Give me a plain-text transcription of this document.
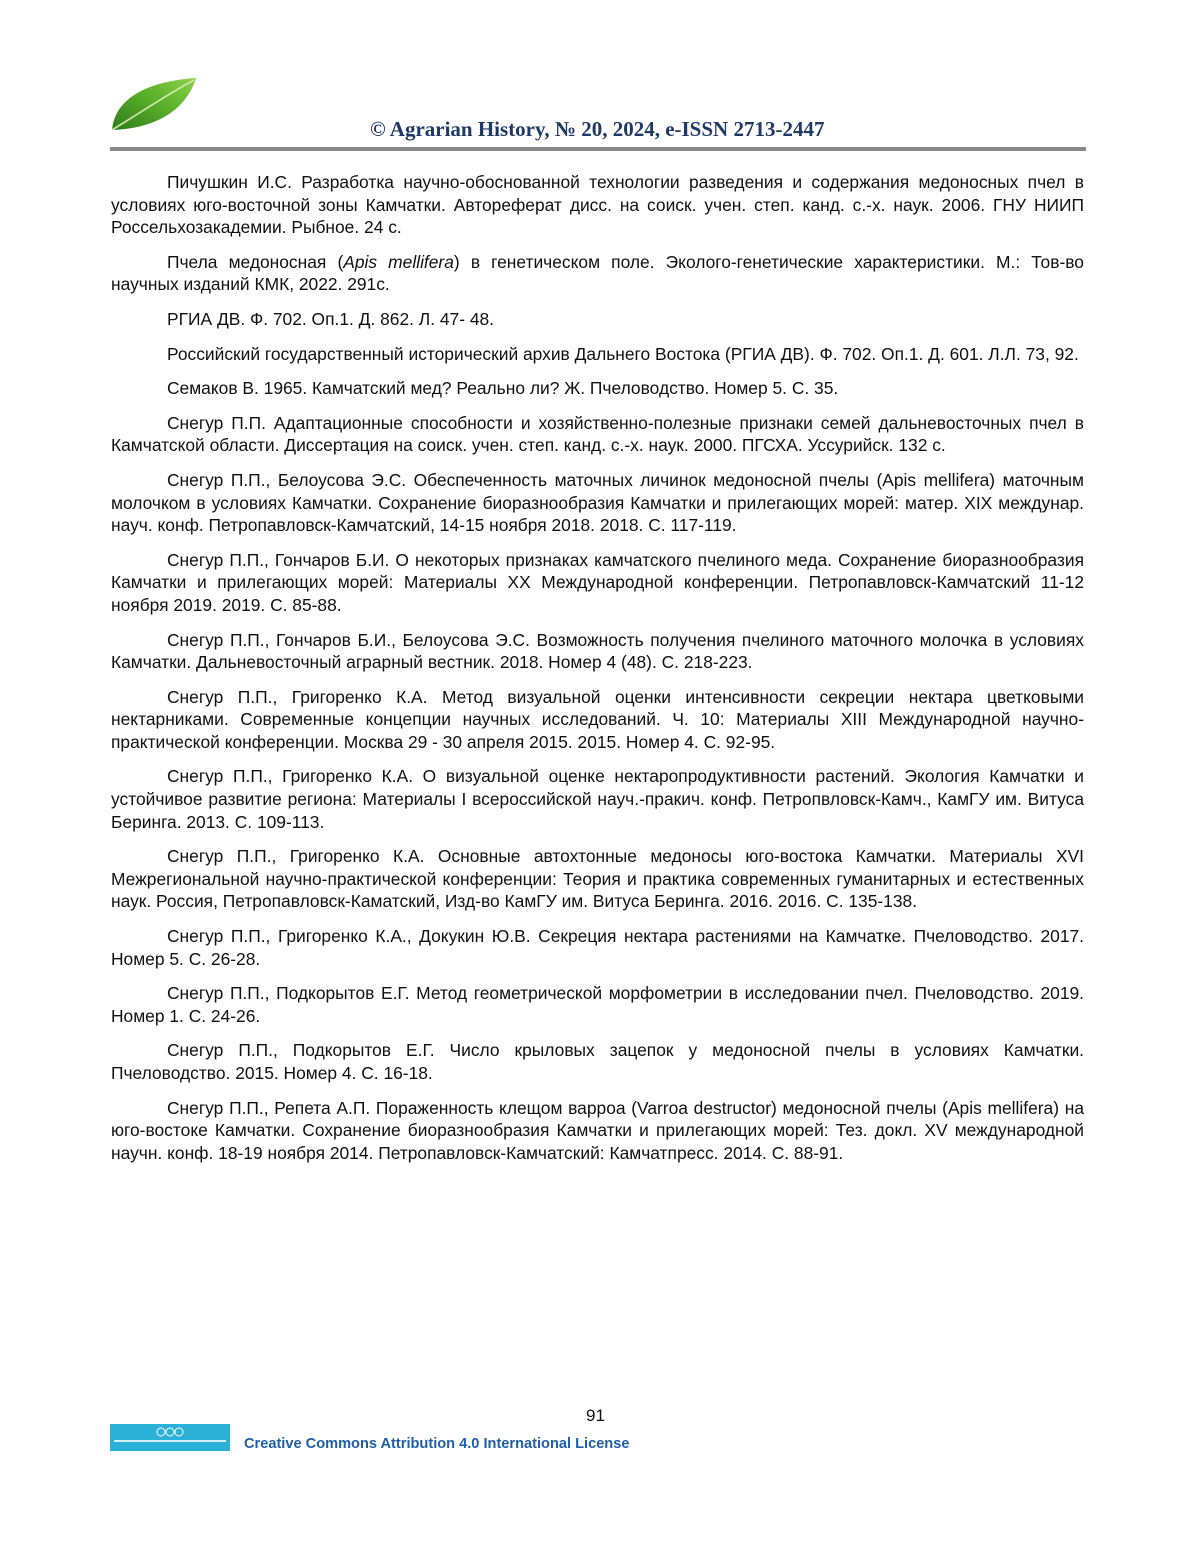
© Agrarian History, № 20, 2024, e-ISSN 2713-2447

Пичушкин И.С. Разработка научно-обоснованной технологии разведения и содержания медоносных пчел в условиях юго-восточной зоны Камчатки. Автореферат дисс. на соиск. учен. степ. канд. с.-х. наук. 2006. ГНУ НИИП Россельхозакадемии. Рыбное. 24 с.

Пчела медоносная (Apis mellifera) в генетическом поле. Эколого-генетические характеристики. М.: Тов-во научных изданий КМК, 2022. 291с.

РГИА ДВ. Ф. 702. Оп.1. Д. 862. Л. 47- 48.

Российский государственный исторический архив Дальнего Востока (РГИА ДВ). Ф. 702. Оп.1. Д. 601. Л.Л. 73, 92.

Семаков В. 1965. Камчатский мед? Реально ли? Ж. Пчеловодство. Номер 5. С. 35.

Снегур П.П. Адаптационные способности и хозяйственно-полезные признаки семей дальневосточных пчел в Камчатской области. Диссертация на соиск. учен. степ. канд. с.-х. наук. 2000. ПГСХА. Уссурийск. 132 с.

Снегур П.П., Белоусова Э.С. Обеспеченность маточных личинок медоносной пчелы (Apis mellifera) маточным молочком в условиях Камчатки. Сохранение биоразнообразия Камчатки и прилегающих морей: матер. XIX междунар. науч. конф. Петропавловск-Камчатский, 14-15 ноября 2018. 2018. С. 117-119.

Снегур П.П., Гончаров Б.И. О некоторых признаках камчатского пчелиного меда. Сохранение биоразнообразия Камчатки и прилегающих морей: Материалы XX Международной конференции. Петропавловск-Камчатский 11-12 ноября 2019. 2019. С. 85-88.

Снегур П.П., Гончаров Б.И., Белоусова Э.С. Возможность получения пчелиного маточного молочка в условиях Камчатки. Дальневосточный аграрный вестник. 2018. Номер 4 (48). С. 218-223.

Снегур П.П., Григоренко К.А. Метод визуальной оценки интенсивности секреции нектара цветковыми нектарниками. Современные концепции научных исследований. Ч. 10: Материалы XIII Международной научно-практической конференции. Москва 29 - 30 апреля 2015. 2015. Номер 4. С. 92-95.

Снегур П.П., Григоренко К.А. О визуальной оценке нектаропродуктивности растений. Экология Камчатки и устойчивое развитие региона: Материалы I всероссийской науч.-пракич. конф. Петропвловск-Камч., КамГУ им. Витуса Беринга. 2013. С. 109-113.

Снегур П.П., Григоренко К.А. Основные автохтонные медоносы юго-востока Камчатки. Материалы XVI Межрегиональной научно-практической конференции: Теория и практика современных гуманитарных и естественных наук. Россия, Петропавловск-Каматский, Изд-во КамГУ им. Витуса Беринга. 2016. 2016. С. 135-138.

Снегур П.П., Григоренко К.А., Докукин Ю.В. Секреция нектара растениями на Камчатке. Пчеловодство. 2017. Номер 5. С. 26-28.

Снегур П.П., Подкорытов Е.Г. Метод геометрической морфометрии в исследовании пчел. Пчеловодство. 2019. Номер 1. С. 24-26.

Снегур П.П., Подкорытов Е.Г. Число крыловых зацепок у медоносной пчелы в условиях Камчатки. Пчеловодство. 2015. Номер 4. С. 16-18.

Снегур П.П., Репета А.П. Пораженность клещом варроа (Varroa destructor) медоносной пчелы (Apis mellifera) на юго-востоке Камчатки. Сохранение биоразнообразия Камчатки и прилегающих морей: Тез. докл. XV международной научн. конф. 18-19 ноября 2014. Петропавловск-Камчатский: Камчатпресс. 2014. С. 88-91.

91
Creative Commons Attribution 4.0 International License
